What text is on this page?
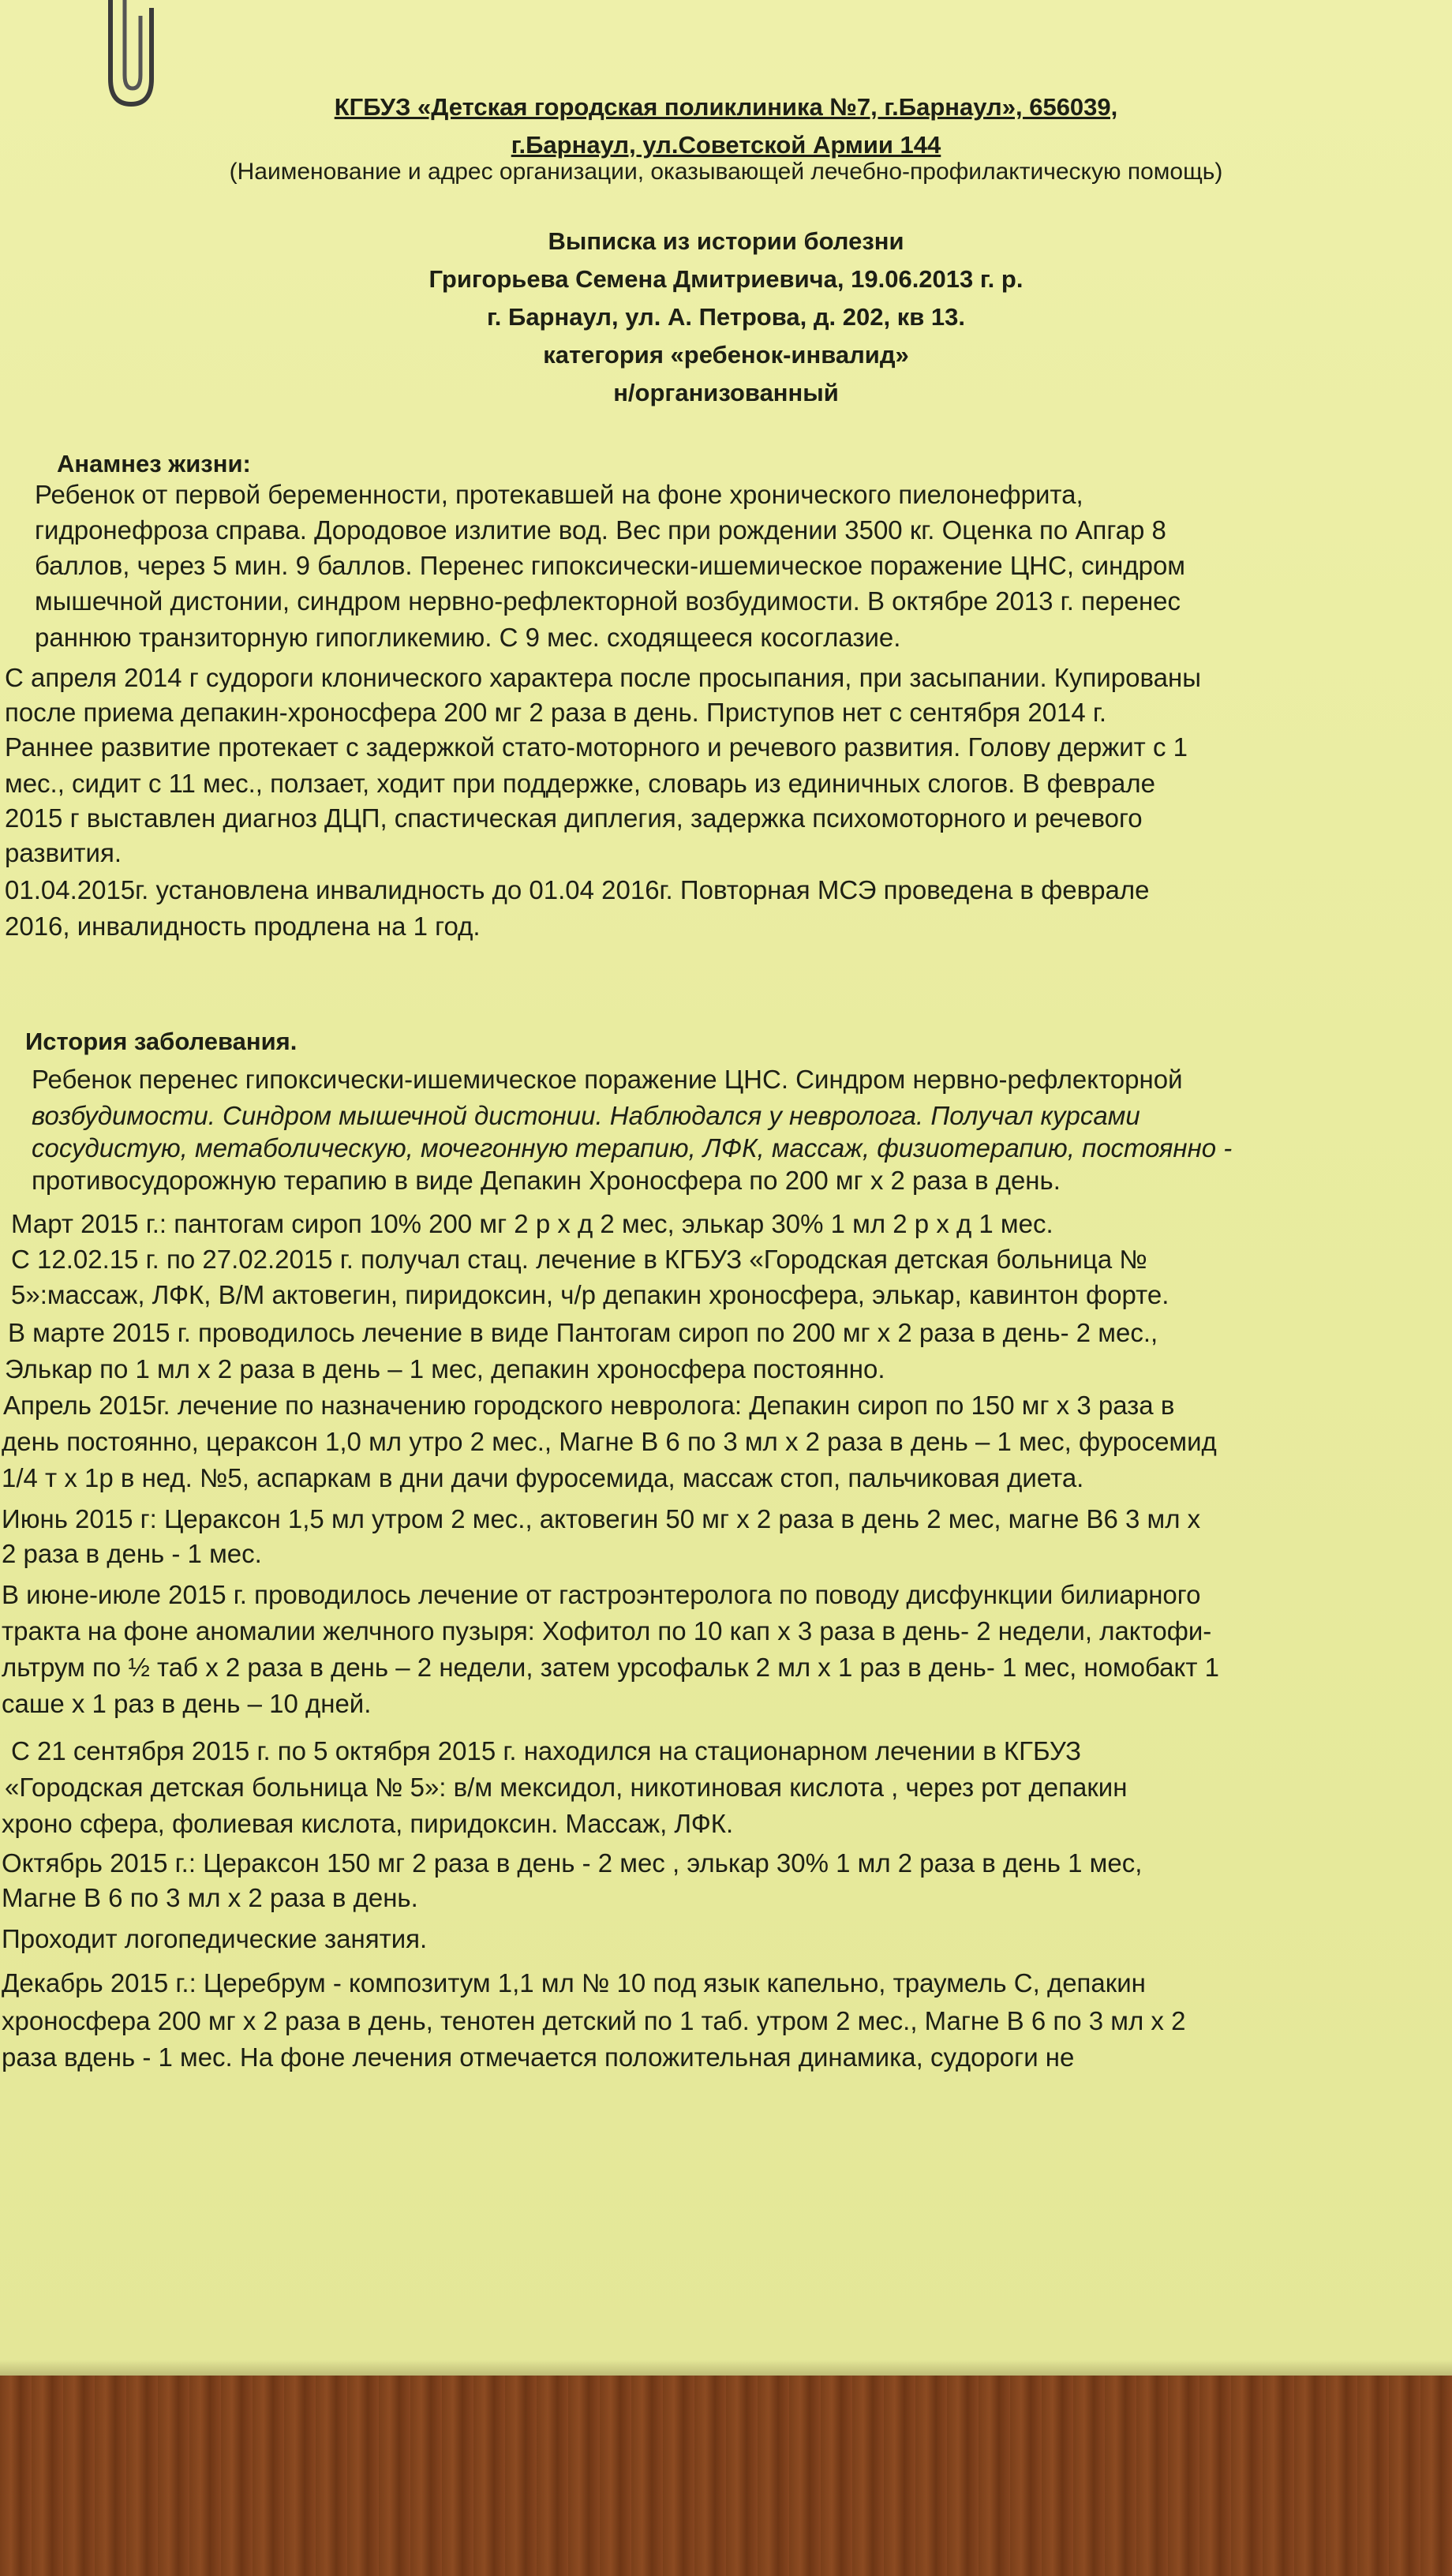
КГБУЗ «Детская городская поликлиника №7, г.Барнаул», 656039,
г.Барнаул, ул.Советской Армии 144
(Наименование и адрес организации, оказывающей лечебно-профилактическую помощь)
Выписка из истории болезни
Григорьева Семена Дмитриевича, 19.06.2013 г. р.
г. Барнаул, ул. А. Петрова, д. 202, кв 13.
категория «ребенок-инвалид»
н/организованный
Анамнез жизни:
Ребенок от первой беременности, протекавшей на фоне хронического пиелонефрита,
гидронефроза справа. Дородовое излитие вод. Вес при рождении 3500 кг. Оценка по Апгар 8
баллов, через 5 мин. 9 баллов. Перенес гипоксически-ишемическое поражение ЦНС, синдром
мышечной дистонии, синдром нервно-рефлекторной возбудимости. В октябре 2013 г. перенес
раннюю транзиторную гипогликемию. С 9 мес. сходящееся косоглазие.
С апреля 2014 г судороги клонического характера после просыпания, при засыпании. Купированы
после приема депакин-хроносфера 200 мг 2 раза в день. Приступов нет с сентября 2014 г.
Раннее развитие протекает с задержкой стато-моторного и речевого развития. Голову держит с 1
мес., сидит с 11 мес., ползает, ходит при поддержке, словарь из единичных слогов. В феврале
2015 г выставлен диагноз ДЦП, спастическая диплегия, задержка психомоторного и речевого
развития.
01.04.2015г. установлена инвалидность до 01.04 2016г. Повторная МСЭ проведена в феврале
2016, инвалидность продлена на 1 год.
История заболевания.
Ребенок перенес гипоксически-ишемическое поражение ЦНС. Синдром нервно-рефлекторной
возбудимости. Синдром мышечной дистонии. Наблюдался у невролога. Получал курсами
сосудистую, метаболическую, мочегонную терапию, ЛФК, массаж, физиотерапию, постоянно -
противосудорожную терапию в виде Депакин Хроносфера по 200 мг х 2 раза в день.
Март 2015 г.: пантогам сироп 10% 200 мг 2 р х д 2 мес, элькар 30% 1 мл 2 р х д 1 мес.
С 12.02.15 г. по 27.02.2015 г. получал стац. лечение в КГБУЗ «Городская детская больница №
5»:массаж, ЛФК, В/М актовегин, пиридоксин, ч/р депакин хроносфера, элькар, кавинтон форте.
В марте 2015 г. проводилось лечение в виде Пантогам сироп по 200 мг х 2 раза в день- 2 мес.,
Элькар по 1 мл х 2 раза в день – 1 мес, депакин хроносфера постоянно.
Апрель 2015г. лечение по назначению городского невролога: Депакин сироп по 150 мг х 3 раза в
день постоянно, цераксон 1,0 мл утро 2 мес., Магне В 6 по 3 мл х 2 раза в день – 1 мес, фуросемид
1/4 т х 1р в нед. №5, аспаркам в дни дачи фуросемида, массаж стоп, пальчиковая диета.
Июнь 2015 г: Цераксон 1,5 мл утром 2 мес., актовегин 50 мг х 2 раза в день 2 мес, магне В6 3 мл х
2 раза в день - 1 мес.
В июне-июле 2015 г. проводилось лечение от гастроэнтеролога по поводу дисфункции билиарного
тракта на фоне аномалии желчного пузыря: Хофитол по 10 кап х 3 раза в день- 2 недели, лактофи-
льтрум по ½ таб х 2 раза в день – 2 недели, затем урсофальк 2 мл х 1 раз в день- 1 мес, номобакт 1
саше х 1 раз в день – 10 дней.
С 21 сентября 2015 г. по 5 октября 2015 г. находился на стационарном лечении в КГБУЗ
«Городская детская больница № 5»: в/м мексидол, никотиновая кислота , через рот депакин
хроно сфера, фолиевая кислота, пиридоксин. Массаж, ЛФК.
Октябрь 2015 г.: Цераксон 150 мг 2 раза в день - 2 мес , элькар 30% 1 мл 2 раза в день 1 мес,
Магне В 6 по 3 мл х 2 раза в день.
Проходит логопедические занятия.
Декабрь 2015 г.: Церебрум - композитум 1,1 мл № 10 под язык капельно, траумель С, депакин
хроносфера 200 мг х 2 раза в день, тенотен детский по 1 таб. утром 2 мес., Магне В 6 по 3 мл х 2
раза вдень - 1 мес. На фоне лечения отмечается положительная динамика, судороги не
